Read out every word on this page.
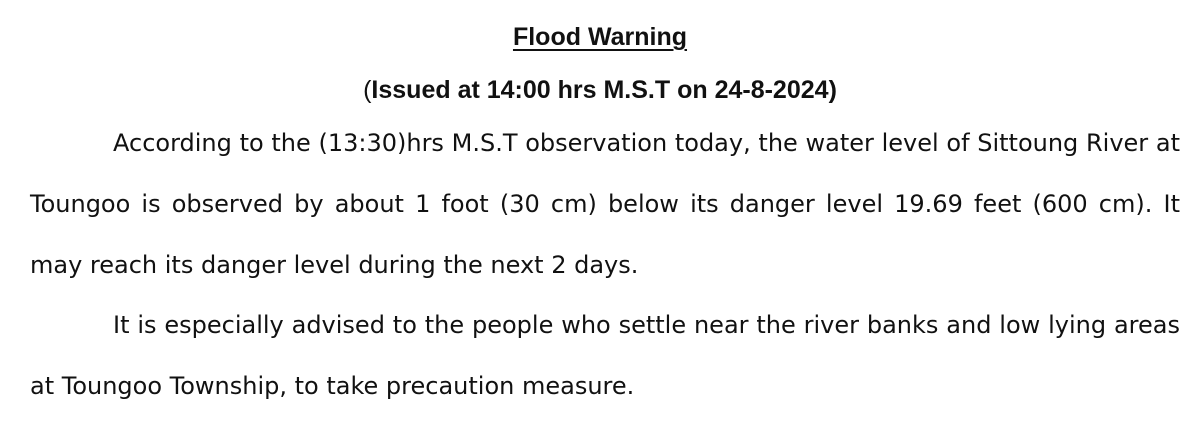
Flood Warning

(Issued at 14:00 hrs M.S.T on 24-8-2024)

According to the (13:30)hrs M.S.T observation today, the water level of Sittoung River at Toungoo is observed by about 1 foot (30 cm) below its danger level 19.69 feet (600 cm). It may reach its danger level during the next 2 days.

It is especially advised to the people who settle near the river banks and low lying areas at Toungoo Township, to take precaution measure.
